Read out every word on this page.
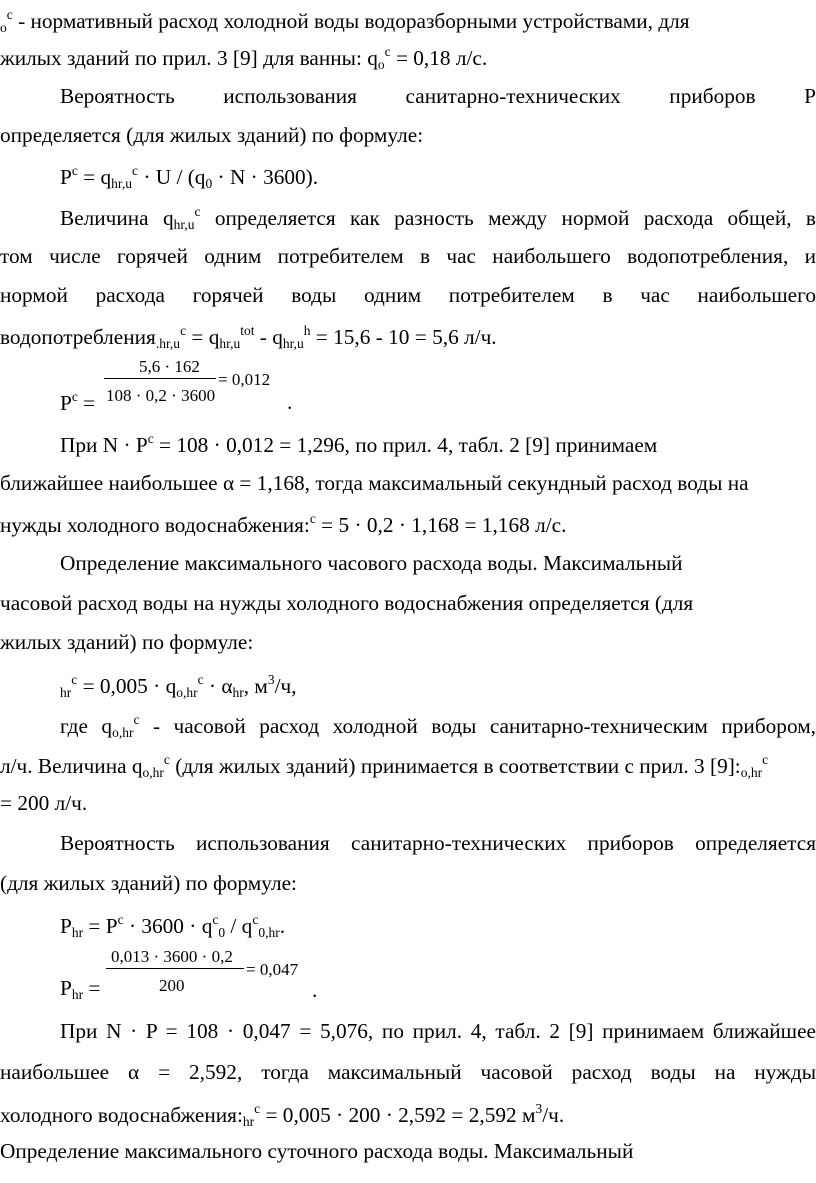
$o^c$ - нормативный расход холодной воды водоразборными устройствами, для
жилых зданий по прил. 3 [9] для ванны: $qo^c = 0,18$ л/с.
Вероятность использования санитарно-технических приборов Р
определяется (для жилых зданий) по формуле:
$P^c = qhr,u^c \cdot U / (q0 \cdot N \cdot 3600)$.
Величина $qhr,u^c$ определяется как разность между нормой расхода общей, в
том числе горячей одним потребителем в час наибольшего водопотребления, и
нормой расхода горячей воды одним потребителем в час наибольшего
$водопотребления.hr,u^c = qhr,u^{tot} - qhr,u^h = 15,6 - 10 = 5,6$ л/ч.
$P^c$ =
5,6 · 162
108 · 0,2 · 3600
= 0,012
.
При $N \cdot P^c = 108 \cdot 0,012 = 1,296$, по прил. 4, табл. 2 [9] принимаем
ближайшее наибольшее α = 1,168, тогда максимальный секундный расход воды на
нужды холодного водоснабжения:$^c$ = 5 · 0,2 · 1,168 = 1,168 л/с.
Определение максимального часового расхода воды. Максимальный
часовой расход воды на нужды холодного водоснабжения определяется (для
жилых зданий) по формуле:
$hr^c = 0,005 \cdot qo,hr^c \cdot \alpha hr$, $м^3/ч$,
где $qo,hr^c$ - часовой расход холодной воды санитарно-техническим прибором,
л/ч. Величина $qo,hr^c$ (для жилых зданий) принимается в соответствии с прил. 3 $[9]:o,hr^c$
= 200 л/ч.
Вероятность использования санитарно-технических приборов определяется
(для жилых зданий) по формуле:
Phr = $P^c \cdot 3600 \cdot q^c0 / q^c0,hr$.
Phr =
0,013 · 3600 · 0,2
200
= 0,047
.
При N · P = 108 · 0,047 = 5,076, по прил. 4, табл. 2 [9] принимаем ближайшее
наибольшее α = 2,592, тогда максимальный часовой расход воды на нужды
холодного $водоснабжения:hr^c = 0,005 \cdot 200 \cdot 2,592 = 2,592$ $м^3/ч$.
Определение максимального суточного расхода воды. Максимальный
